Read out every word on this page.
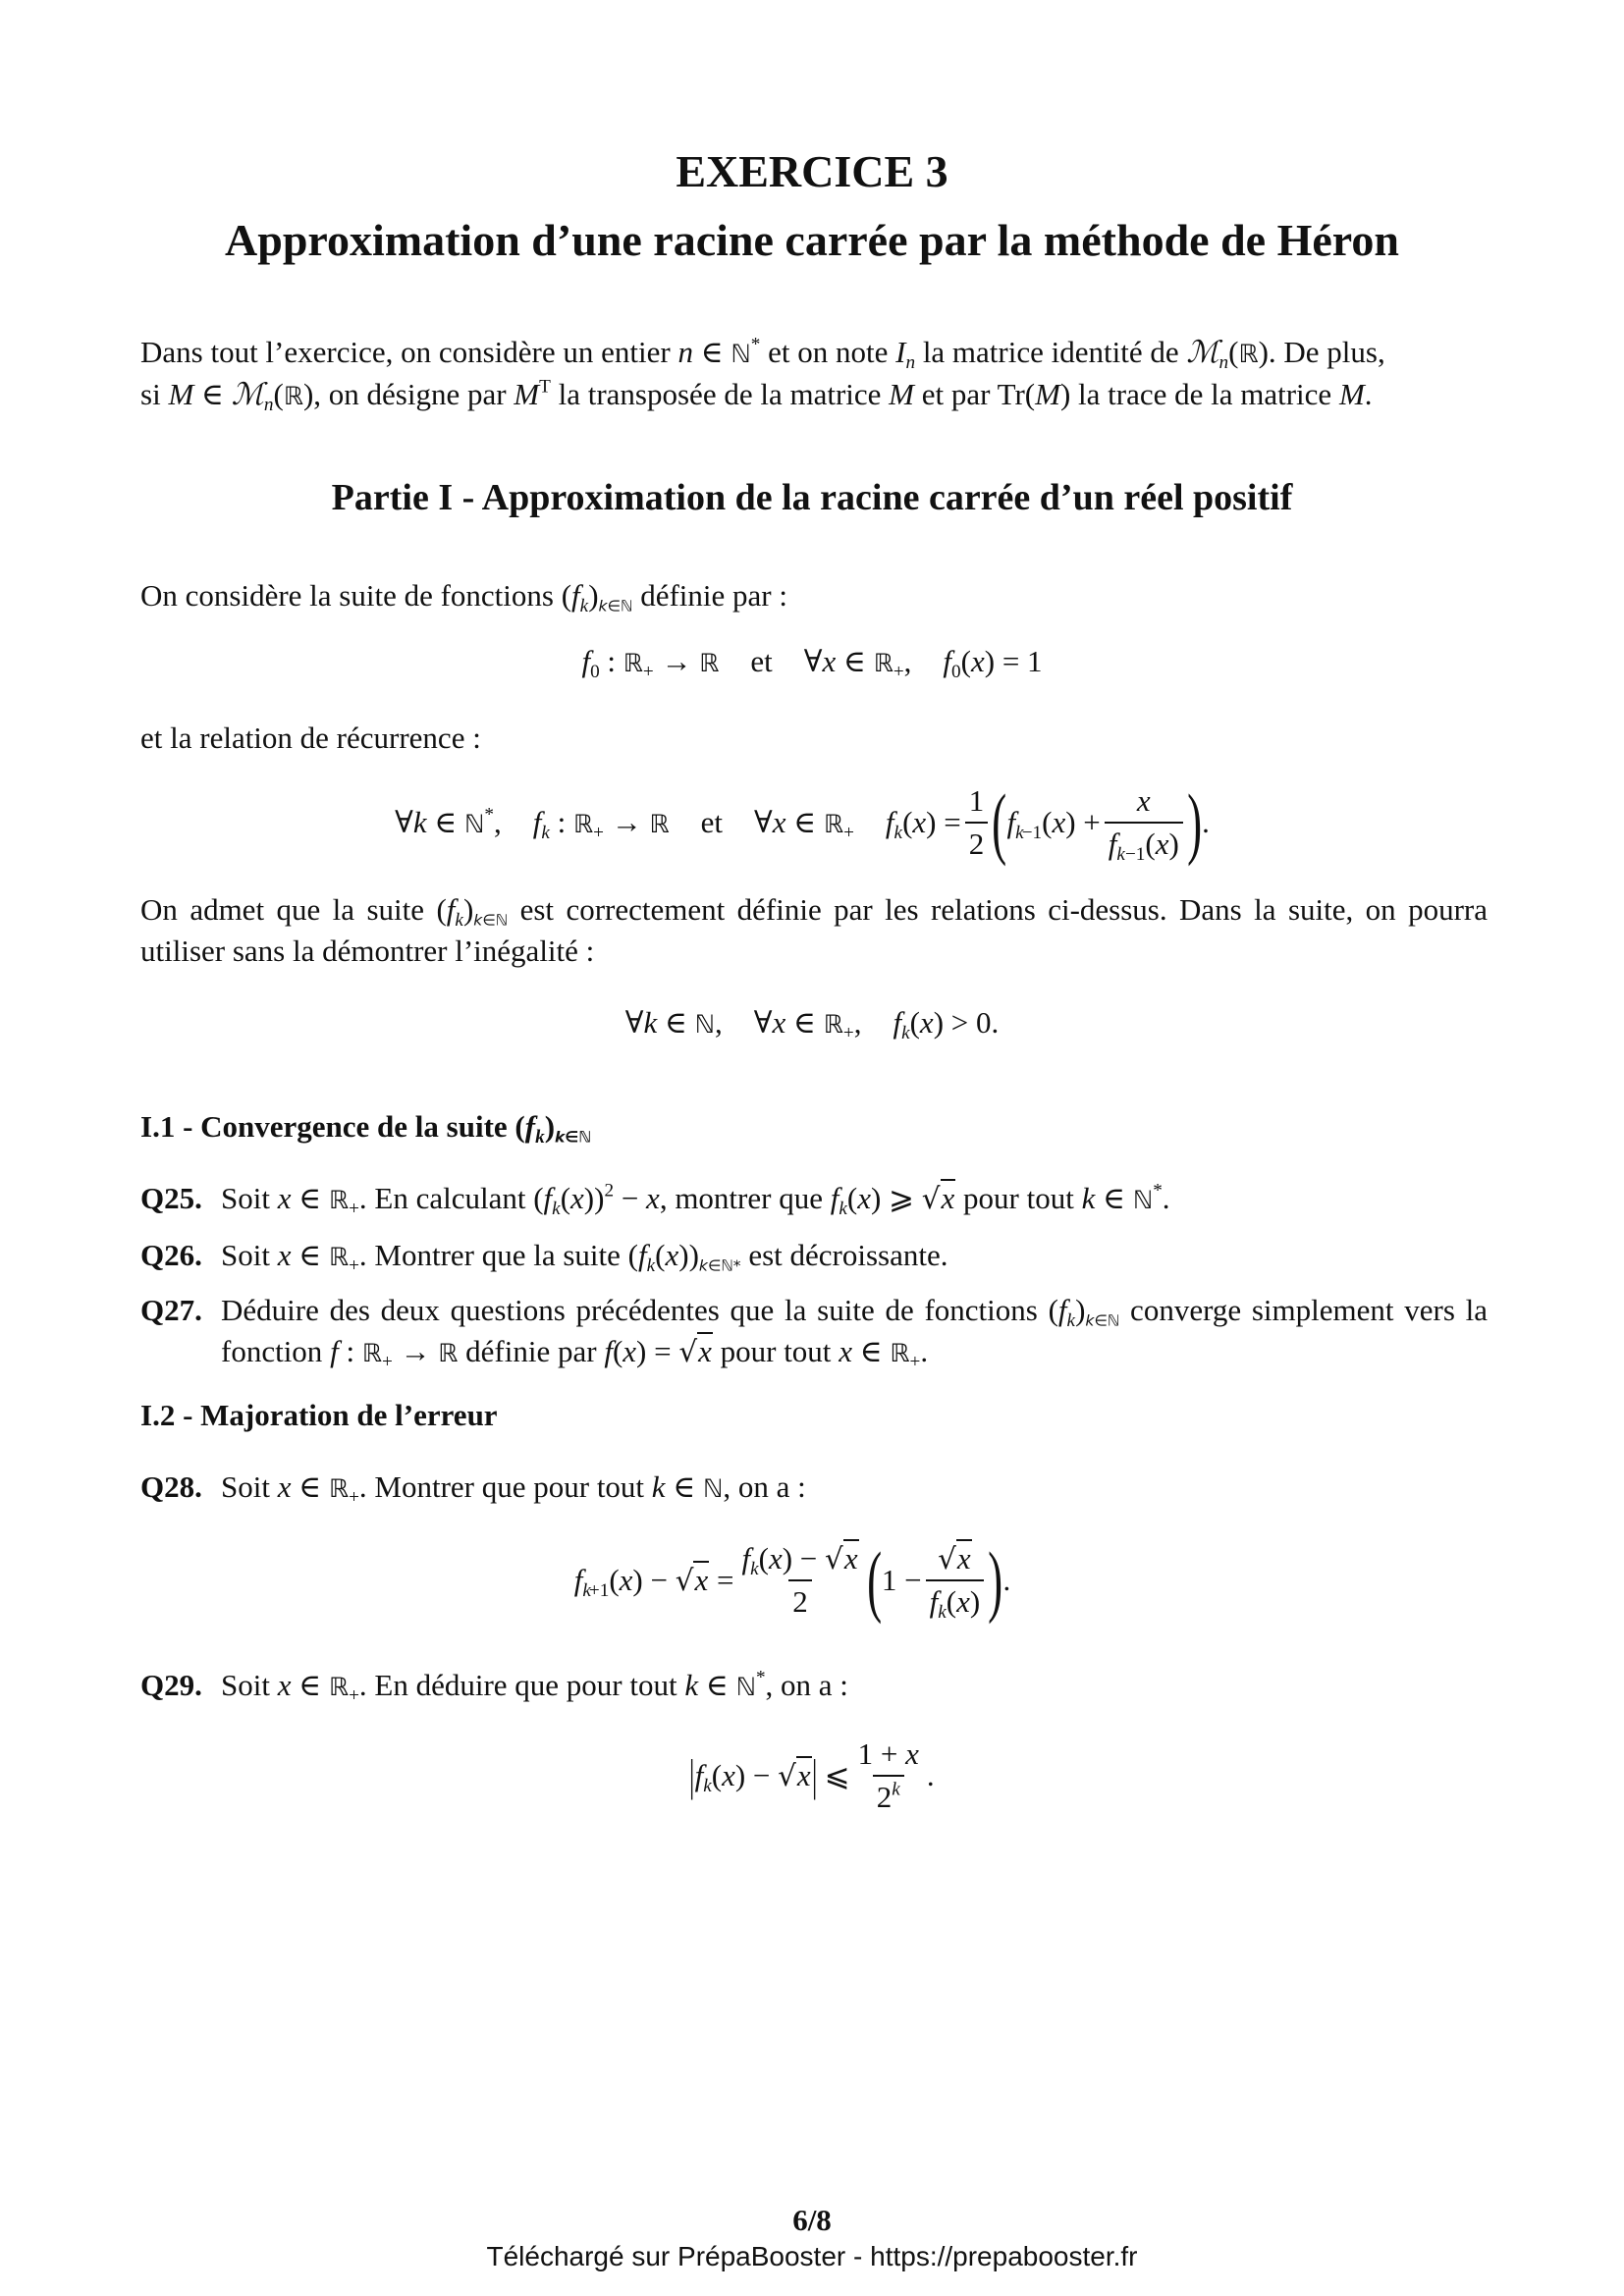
EXERCICE 3
Approximation d’une racine carrée par la méthode de Héron
Dans tout l’exercice, on considère un entier n ∈ ℕ* et on note $I_n$ la matrice identité de ℳ$_n$(ℝ). De plus,
si M ∈ ℳ$_n$(ℝ), on désigne par $M^T$ la transposée de la matrice M et par Tr(M) la trace de la matrice M.
Partie I - Approximation de la racine carrée d’un réel positif
On considère la suite de fonctions $(f_k)k\in ℕ$ définie par :
$f_0$ : ℝ$_+$ → ℝ et ∀x ∈ ℝ$_+$, $f_0(x) = 1$
et la relation de récurrence :
∀k ∈ ℕ*, $f_k$ : ℝ$_+$ → ℝ et ∀x ∈ ℝ$_+$ $f_k(x) = \frac{1}{2}$ ( $f_{k-1}(x) + \frac{x}{f_{k-1}(x)}$ ) .
On admet que la suite $(f_k)k\in ℕ$ est correctement définie par les relations ci-dessus. Dans la suite, on pourra utiliser sans la démontrer l’inégalité :
∀k ∈ ℕ, ∀x ∈ ℝ$_+$, $f_k(x) > 0$.
I.1 - Convergence de la suite $(f_k)k\in ℕ$
Q25. Soit x ∈ ℝ$_+$. En calculant $(f_k(x))^2 - x$, montrer que $f_k(x)$ ⩾ √x pour tout k ∈ ℕ*.
Q26. Soit x ∈ ℝ$_+$. Montrer que la suite $(f_k(x))k\in ℕ*$ est décroissante.
Q27. Déduire des deux questions précédentes que la suite de fonctions $(f_k)k\in ℕ$ converge simplement vers la fonction f : ℝ$_+$ → ℝ définie par f(x) = √x pour tout x ∈ ℝ$_+$.
I.2 - Majoration de l’erreur
Q28. Soit x ∈ ℝ$_+$. Montrer que pour tout k ∈ ℕ, on a :
$f_{k+1}(x) - √x = \frac{f_k(x) - √x}{2}$ ( $1 - \frac{√x}{f_k(x)}$ ) .
Q29. Soit x ∈ ℝ$_+$. En déduire que pour tout k ∈ ℕ*, on a :
| $f_k(x) - √x$ | ⩽ $\frac{1 + x}{2^k}$ .
6/8
Téléchargé sur PrépaBooster - https://prepabooster.fr
